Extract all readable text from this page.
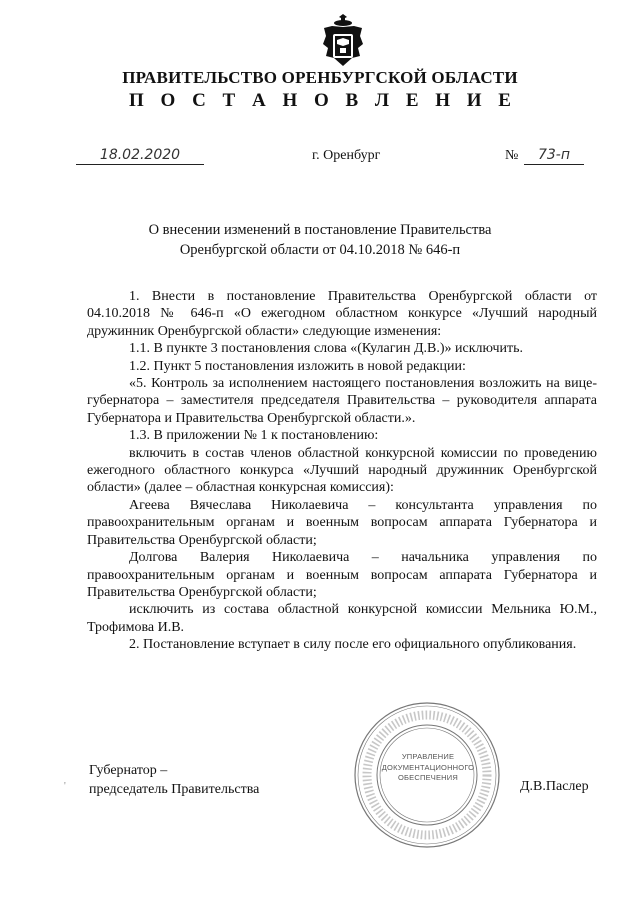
ПРАВИТЕЛЬСТВО ОРЕНБУРГСКОЙ ОБЛАСТИ
П О С Т А Н О В Л Е Н И Е
18.02.2020	г. Оренбург	№	73-п
О внесении изменений в постановление Правительства
Оренбургской области от 04.10.2018 № 646-п

1. Внести в постановление Правительства Оренбургской области от 04.10.2018 № 646-п «О ежегодном областном конкурсе «Лучший народный дружинник Оренбургской области» следующие изменения:

1.1. В пункте 3 постановления слова «(Кулагин Д.В.)» исключить.

1.2. Пункт 5 постановления изложить в новой редакции:

«5. Контроль за исполнением настоящего постановления возложить на вице-губернатора – заместителя председателя Правительства – руководителя аппарата Губернатора и Правительства Оренбургской области.».

1.3. В приложении № 1 к постановлению:

включить в состав членов областной конкурсной комиссии по проведению ежегодного областного конкурса «Лучший народный дружинник Оренбургской области» (далее – областная конкурсная комиссия):

Агеева Вячеслава Николаевича – консультанта управления по правоохранительным органам и военным вопросам аппарата Губернатора и Правительства Оренбургской области;

Долгова Валерия Николаевича – начальника управления по правоохранительным органам и военным вопросам аппарата Губернатора и Правительства Оренбургской области;

исключить из состава областной конкурсной комиссии Мельника Ю.М., Трофимова И.В.

2. Постановление вступает в силу после его официального опубликования.

'
Губернатор –
председатель Правительства
УПРАВЛЕНИЕ
ДОКУМЕНТАЦИОННОГО
ОБЕСПЕЧЕНИЯ
Д.В.Паслер
